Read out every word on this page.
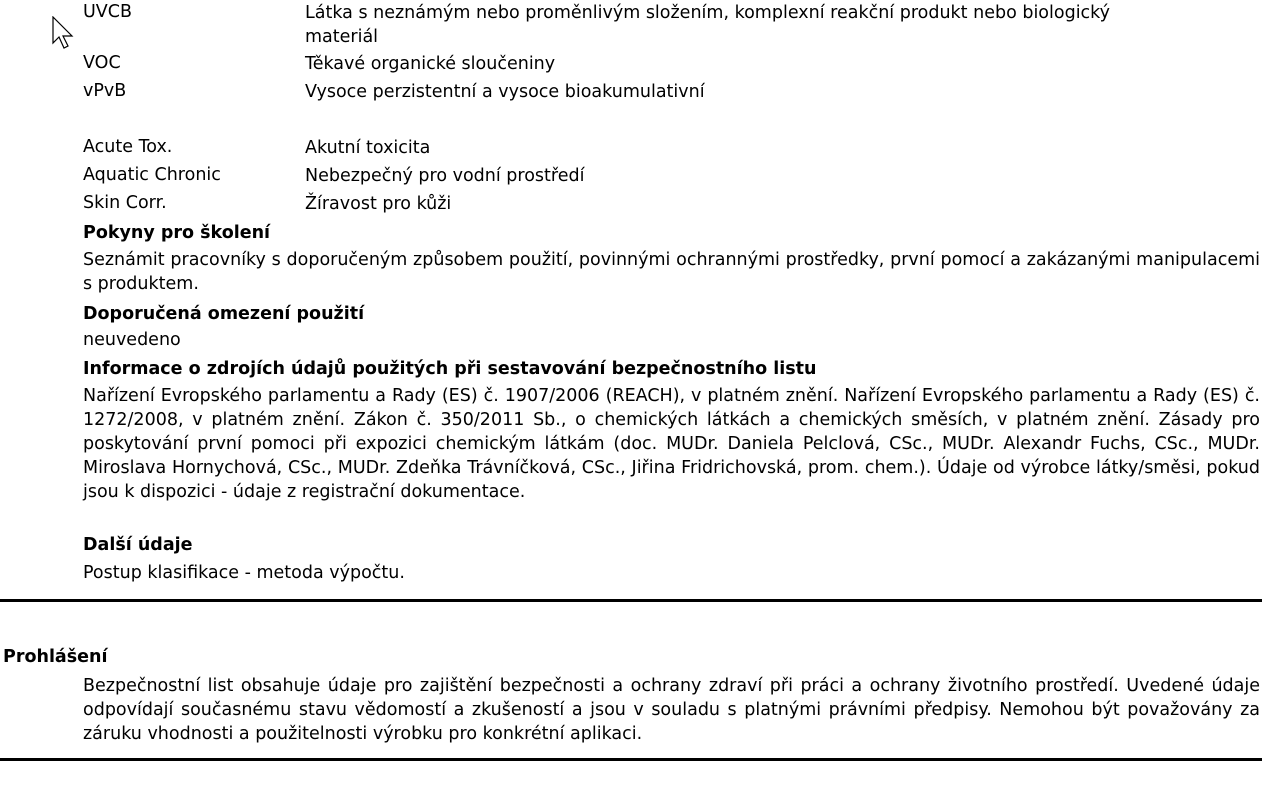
UVCB	Látka s neznámým nebo proměnlivým složením, komplexní reakční produkt nebo biologický materiál
VOC	Těkavé organické sloučeniny
vPvB	Vysoce perzistentní a vysoce bioakumulativní
Acute Tox.	Akutní toxicita
Aquatic Chronic	Nebezpečný pro vodní prostředí
Skin Corr.	Žíravost pro kůži
Pokyny pro školení
Seznámit pracovníky s doporučeným způsobem použití, povinnými ochrannými prostředky, první pomocí a zakázanými manipulacemi s produktem.
Doporučená omezení použití
neuvedeno
Informace o zdrojích údajů použitých při sestavování bezpečnostního listu
Nařízení Evropského parlamentu a Rady (ES) č. 1907/2006 (REACH), v platném znění. Nařízení Evropského parlamentu a Rady (ES) č. 1272/2008, v platném znění. Zákon č. 350/2011 Sb., o chemických látkách a chemických směsích, v platném znění. Zásady pro poskytování první pomoci při expozici chemickým látkám (doc. MUDr. Daniela Pelclová, CSc., MUDr. Alexandr Fuchs, CSc., MUDr. Miroslava Hornychová, CSc., MUDr. Zdeňka Trávníčková, CSc., Jiřina Fridrichovská, prom. chem.). Údaje od výrobce látky/směsi, pokud jsou k dispozici - údaje z registrační dokumentace.
Další údaje
Postup klasifikace - metoda výpočtu.
Prohlášení
Bezpečnostní list obsahuje údaje pro zajištění bezpečnosti a ochrany zdraví při práci a ochrany životního prostředí. Uvedené údaje odpovídají současnému stavu vědomostí a zkušeností a jsou v souladu s platnými právními předpisy. Nemohou být považovány za záruku vhodnosti a použitelnosti výrobku pro konkrétní aplikaci.
